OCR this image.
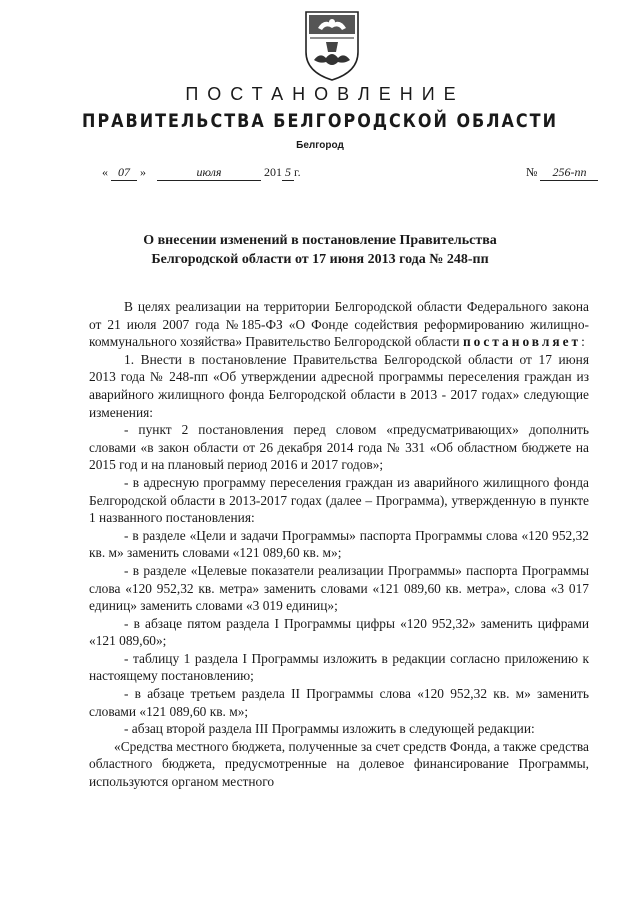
ПОСТАНОВЛЕНИЕ
ПРАВИТЕЛЬСТВА БЕЛГОРОДСКОЙ ОБЛАСТИ
Белгород
« 07 »	июля	201 5 г.	№ 256-пп
О внесении изменений в постановление Правительства
Белгородской области от 17 июня 2013 года № 248-пп

В целях реализации на территории Белгородской области Федерального закона от 21 июля 2007 года №185-ФЗ «О Фонде содействия реформированию жилищно-коммунального хозяйства» Правительство Белгородской области постановляет:

1. Внести в постановление Правительства Белгородской области от 17 июня 2013 года № 248-пп «Об утверждении адресной программы переселения граждан из аварийного жилищного фонда Белгородской области в 2013 - 2017 годах» следующие изменения:

- пункт 2 постановления перед словом «предусматривающих» дополнить словами «в закон области от 26 декабря 2014 года № 331 «Об областном бюджете на 2015 год и на плановый период 2016 и 2017 годов»;

- в адресную программу переселения граждан из аварийного жилищного фонда Белгородской области в 2013-2017 годах (далее – Программа), утвержденную в пункте 1 названного постановления:

- в разделе «Цели и задачи Программы» паспорта Программы слова «120 952,32 кв. м» заменить словами «121 089,60 кв. м»;

- в разделе «Целевые показатели реализации Программы» паспорта Программы слова «120 952,32 кв. метра» заменить словами «121 089,60 кв. метра», слова «3 017 единиц» заменить словами «3 019 единиц»;

- в абзаце пятом раздела I Программы цифры «120 952,32» заменить цифрами «121 089,60»;

- таблицу 1 раздела I Программы изложить в редакции согласно приложению к настоящему постановлению;

- в абзаце третьем раздела II Программы слова «120 952,32 кв. м» заменить словами «121 089,60 кв. м»;

- абзац второй раздела III Программы изложить в следующей редакции:

«Средства местного бюджета, полученные за счет средств Фонда, а также средства областного бюджета, предусмотренные на долевое финансирование Программы, используются органом местного
